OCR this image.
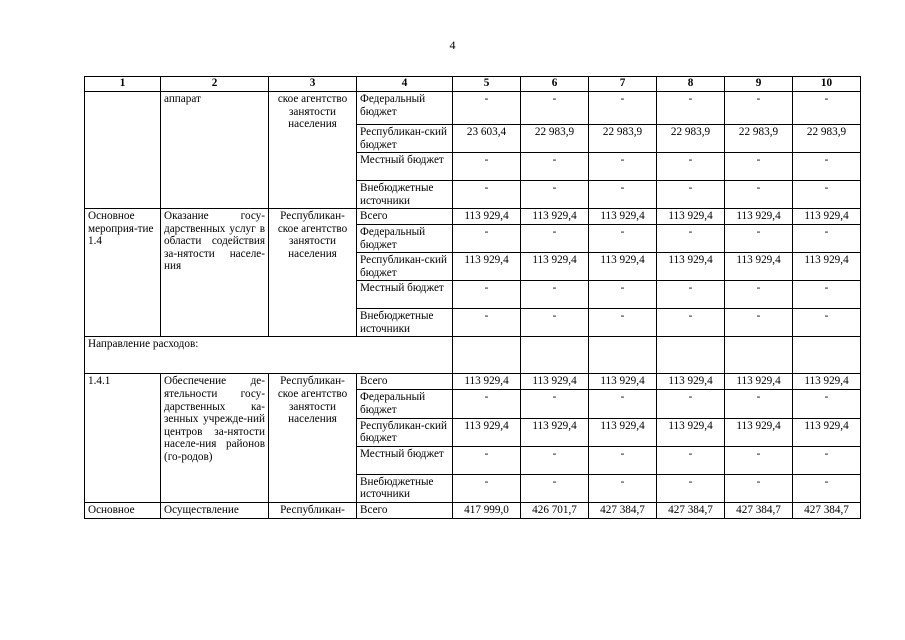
4
1	2	3	4	5	6	7	8	9	10
	аппарат	ское агентство занятости населения	Федеральный бюджет	-	-	-	-	-	-
			Республикан-ский бюджет	23 603,4	22 983,9	22 983,9	22 983,9	22 983,9	22 983,9
			Местный бюджет	-	-	-	-	-	-
			Внебюджетные источники	-	-	-	-	-	-
Основное мероприя-тие 1.4	Оказание госу-дарственных услуг в области содействия за-нятости населе-ния	Республикан-ское агентство занятости населения	Всего	113 929,4	113 929,4	113 929,4	113 929,4	113 929,4	113 929,4
			Федеральный бюджет	-	-	-	-	-	-
			Республикан-ский бюджет	113 929,4	113 929,4	113 929,4	113 929,4	113 929,4	113 929,4
			Местный бюджет	-	-	-	-	-	-
			Внебюджетные источники	-	-	-	-	-	-
Направление расходов:									
1.4.1	Обеспечение де-ятельности госу-дарственных ка-зенных учрежде-ний центров за-нятости населе-ния районов (го-родов)	Республикан-ское агентство занятости населения	Всего	113 929,4	113 929,4	113 929,4	113 929,4	113 929,4	113 929,4
			Федеральный бюджет	-	-	-	-	-	-
			Республикан-ский бюджет	113 929,4	113 929,4	113 929,4	113 929,4	113 929,4	113 929,4
			Местный бюджет	-	-	-	-	-	-
			Внебюджетные источники	-	-	-	-	-	-
Основное	Осуществление	Республикан-	Всего	417 999,0	426 701,7	427 384,7	427 384,7	427 384,7	427 384,7
